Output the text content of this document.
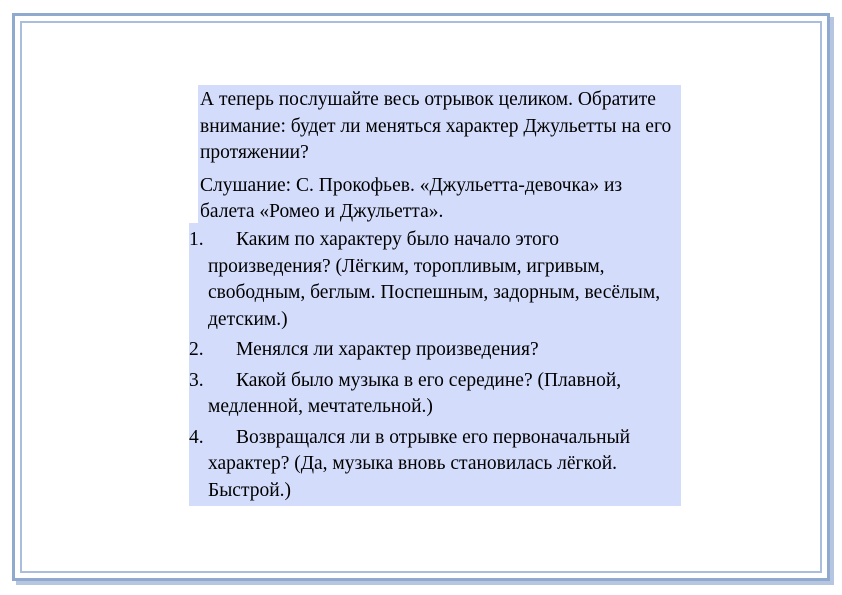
А теперь послушайте весь отрывок целиком. Обратите внимание: будет ли меняться характер Джульетты на его протяжении?

Слушание: С. Прокофьев. «Джульетта-девочка» из балета «Ромео и Джульетта».

1. Каким по характеру было начало этого произведения? (Лёгким, торопливым, игривым, свободным, беглым. Поспешным, задорным, весёлым, детским.)
2. Менялся ли характер произведения?
3. Какой было музыка в его середине? (Плавной, медленной, мечтательной.)
4. Возвращался ли в отрывке его первоначальный характер? (Да, музыка вновь становилась лёгкой. Быстрой.)
